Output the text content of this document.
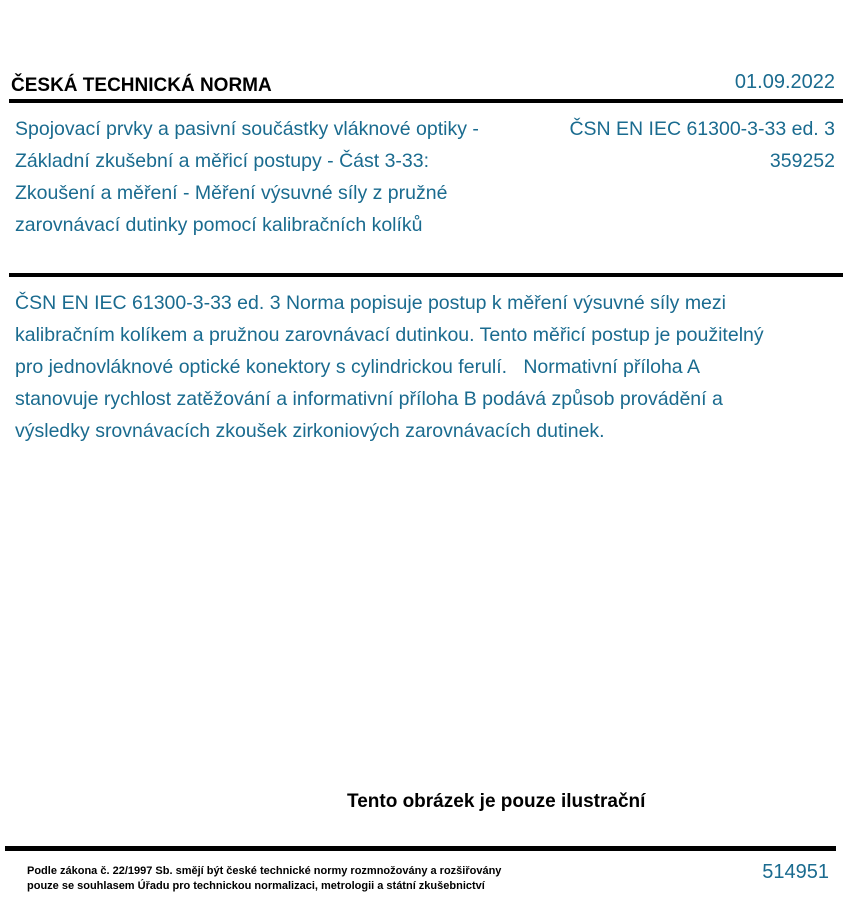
ČESKÁ TECHNICKÁ NORMA	01.09.2022
Spojovací prvky a pasivní součástky vláknové optiky - Základní zkušební a měřicí postupy - Část 3-33: Zkoušení a měření - Měření výsuvné síly z pružné zarovnávací dutinky pomocí kalibračních kolíků
ČSN EN IEC 61300-3-33 ed. 3
359252
ČSN EN IEC 61300-3-33 ed. 3 Norma popisuje postup k měření výsuvné síly mezi kalibračním kolíkem a pružnou zarovnávací dutinkou. Tento měřicí postup je použitelný pro jednovláknové optické konektory s cylindrickou ferulí.   Normativní příloha A stanovuje rychlost zatěžování a informativní příloha B podává způsob provádění a výsledky srovnávacích zkoušek zirkoniových zarovnávacích dutinek.
Tento obrázek je pouze ilustrační
Podle zákona č. 22/1997 Sb. smějí být české technické normy rozmnožovány a rozšiřovány
pouze se souhlasem Úřadu pro technickou normalizaci, metrologii a státní zkušebnictví
514951
